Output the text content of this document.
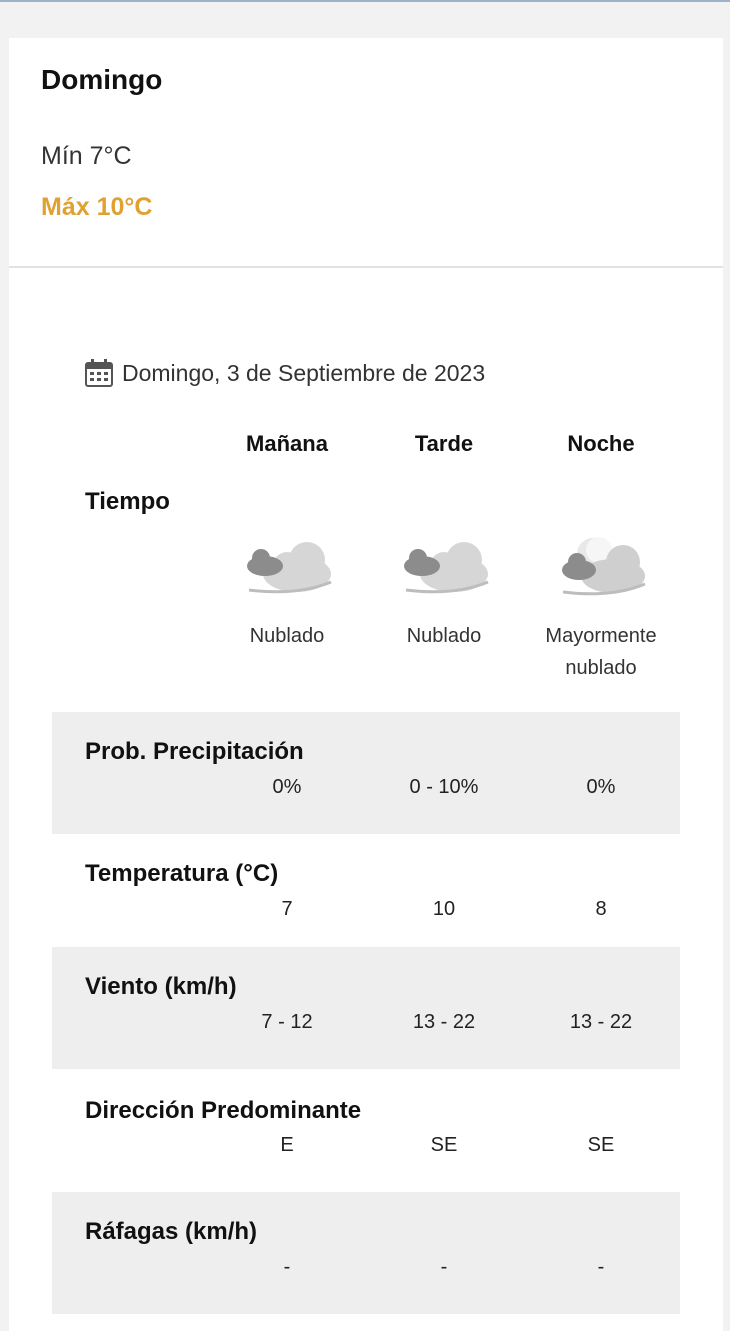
Domingo
Mín 7°C
Máx 10°C
Domingo, 3 de Septiembre de 2023
Mañana	Tarde	Noche
Tiempo
Nublado	Nublado	Mayormente nublado
Prob. Precipitación
0%	0 - 10%	0%
Temperatura (°C)
7	10	8
Viento (km/h)
7 - 12	13 - 22	13 - 22
Dirección Predominante
E	SE	SE
Ráfagas (km/h)
-	-	-
